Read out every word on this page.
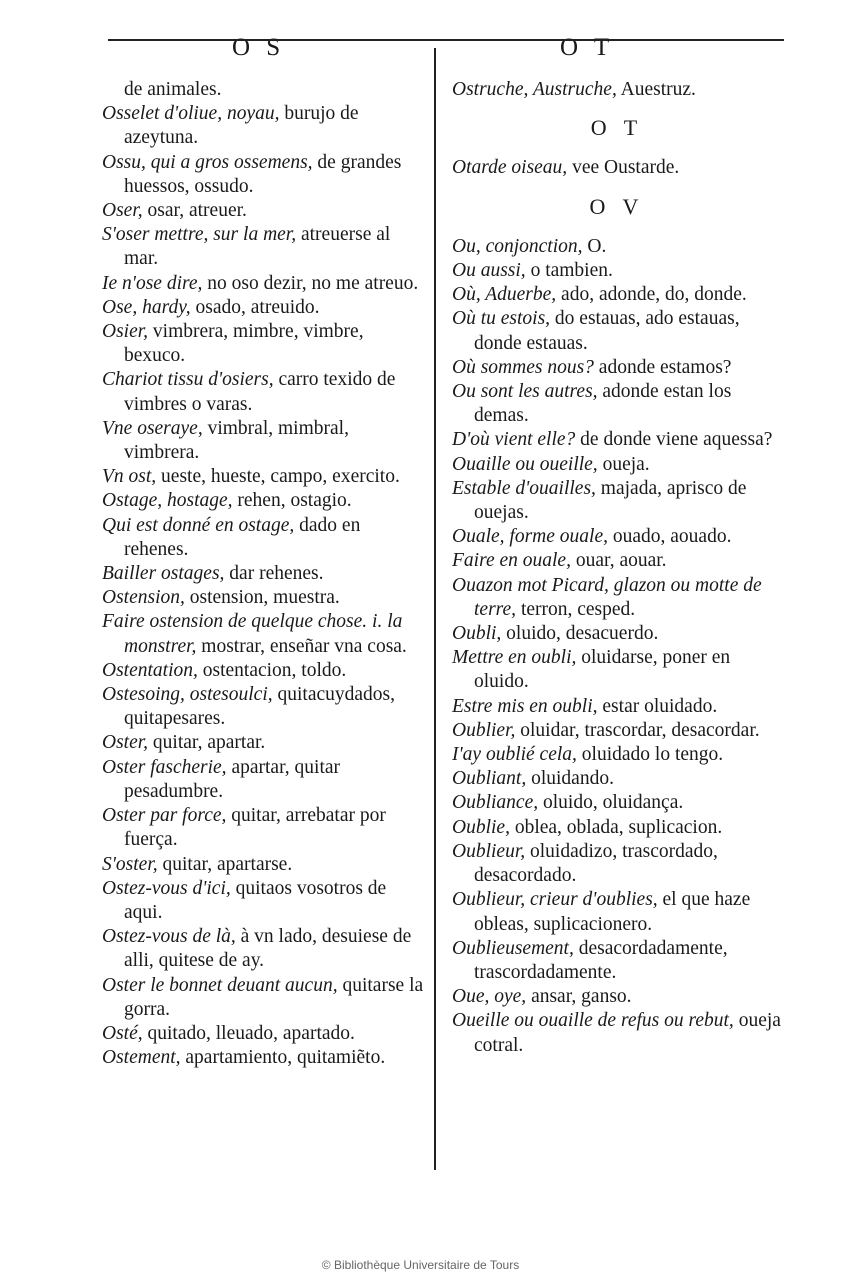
O S	O T

de animales.

Osselet d'oliue, noyau, burujo de azeytuna.

Ossu, qui a gros ossemens, de grandes huessos, ossudo.

Oser, osar, atreuer.

S'oser mettre, sur la mer, atreuerse al mar.

Ie n'ose dire, no oso dezir, no me atreuo.

Ose, hardy, osado, atreuido.

Osier, vimbrera, mimbre, vimbre, bexuco.

Chariot tissu d'osiers, carro texido de vimbres o varas.

Vne oseraye, vimbral, mimbral, vimbrera.

Vn ost, ueste, hueste, campo, exercito.

Ostage, hostage, rehen, ostagio.

Qui est donné en ostage, dado en rehenes.

Bailler ostages, dar rehenes.

Ostension, ostension, muestra.

Faire ostension de quelque chose. i. la monstrer, mostrar, enseñar vna cosa.

Ostentation, ostentacion, toldo.

Ostesoing, ostesoulci, quitacuydados, quitapesares.

Oster, quitar, apartar.

Oster fascherie, apartar, quitar pesadumbre.

Oster par force, quitar, arrebatar por fuerça.

S'oster, quitar, apartarse.

Ostez-vous d'ici, quitaos vosotros de aqui.

Ostez-vous de là, à vn lado, desuiese de alli, quitese de ay.

Oster le bonnet deuant aucun, quitarse la gorra.

Osté, quitado, lleuado, apartado.

Ostement, apartamiento, quitamiẽto.

Ostruche, Austruche, Auestruz.

O T

Otarde oiseau, vee Oustarde.

O V

Ou, conjonction, O.

Ou aussi, o tambien.

Où, Aduerbe, ado, adonde, do, donde.

Où tu estois, do estauas, ado estauas, donde estauas.

Où sommes nous? adonde estamos?

Ou sont les autres, adonde estan los demas.

D'où vient elle? de donde viene aquessa?

Ouaille ou oueille, oueja.

Estable d'ouailles, majada, aprisco de ouejas.

Ouale, forme ouale, ouado, aouado.

Faire en ouale, ouar, aouar.

Ouazon mot Picard, glazon ou motte de terre, terron, cesped.

Oubli, oluido, desacuerdo.

Mettre en oubli, oluidarse, poner en oluido.

Estre mis en oubli, estar oluidado.

Oublier, oluidar, trascordar, desacordar.

I'ay oublié cela, oluidado lo tengo.

Oubliant, oluidando.

Oubliance, oluido, oluidança.

Oublie, oblea, oblada, suplicacion.

Oublieur, oluidadizo, trascordado, desacordado.

Oublieur, crieur d'oublies, el que haze obleas, suplicacionero.

Oublieusement, desacordadamente, trascordadamente.

Oue, oye, ansar, ganso.

Oueille ou ouaille de refus ou rebut, oueja cotral.

© Bibliothèque Universitaire de Tours
